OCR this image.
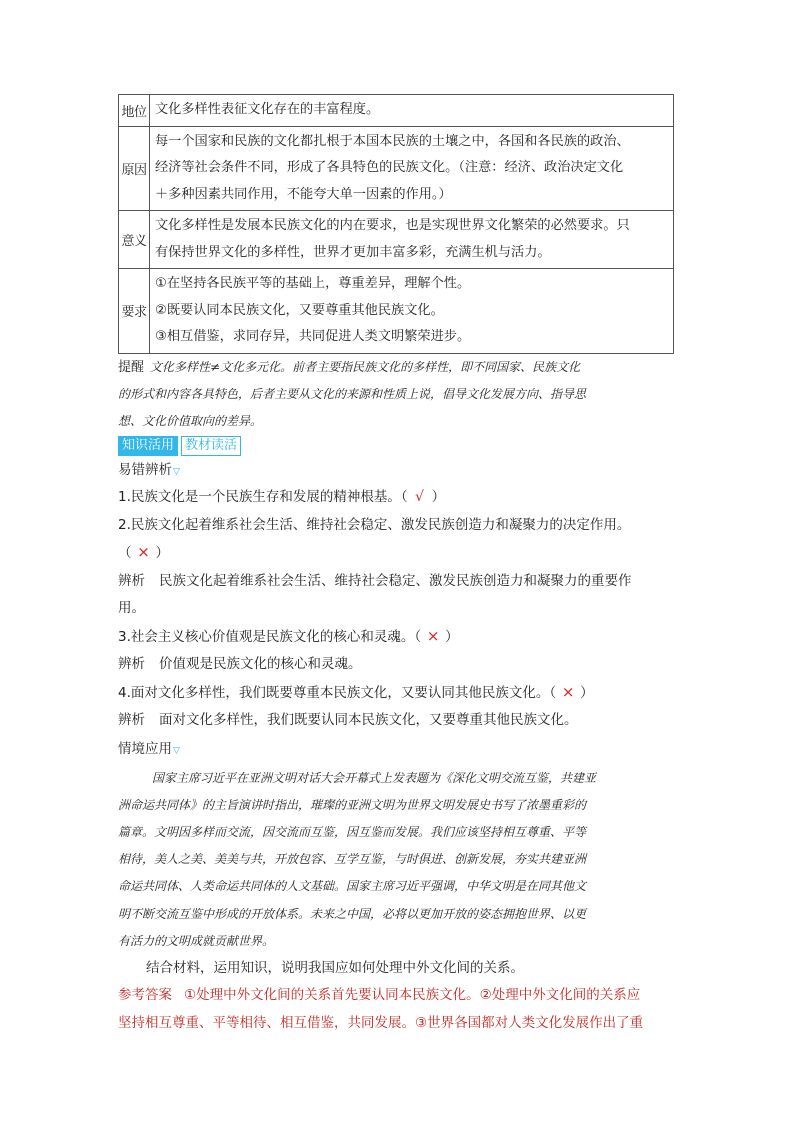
地位	文化多样性表征文化存在的丰富程度。

原因	每一个国家和民族的文化都扎根于本国本民族的土壤之中，各国和各民族的政治、
经济等社会条件不同，形成了各具特色的民族文化。（注意：经济、政治决定文化
＋多种因素共同作用，不能夸大单一因素的作用。）

意义	文化多样性是发展本民族文化的内在要求，也是实现世界文化繁荣的必然要求。只
有保持世界文化的多样性，世界才更加丰富多彩，充满生机与活力。

要求	①在坚持各民族平等的基础上，尊重差异，理解个性。
②既要认同本民族文化，又要尊重其他民族文化。
③相互借鉴，求同存异，共同促进人类文明繁荣进步。
提醒 文化多样性≠文化多元化。前者主要指民族文化的多样性，即不同国家、民族文化
的形式和内容各具特色，后者主要从文化的来源和性质上说，倡导文化发展方向、指导思
想、文化价值取向的差异。
知识活用 教材读活
易错辨析▽
1.民族文化是一个民族生存和发展的精神根基。（ √ ）
2.民族文化起着维系社会生活、维持社会稳定、激发民族创造力和凝聚力的决定作用。
（ × ）
辨析 民族文化起着维系社会生活、维持社会稳定、激发民族创造力和凝聚力的重要作
用。
3.社会主义核心价值观是民族文化的核心和灵魂。（ × ）
辨析 价值观是民族文化的核心和灵魂。
4.面对文化多样性，我们既要尊重本民族文化，又要认同其他民族文化。（ × ）
辨析 面对文化多样性，我们既要认同本民族文化，又要尊重其他民族文化。
情境应用▽
国家主席习近平在亚洲文明对话大会开幕式上发表题为《深化文明交流互鉴，共建亚
洲命运共同体》的主旨演讲时指出，璀璨的亚洲文明为世界文明发展史书写了浓墨重彩的
篇章。文明因多样而交流，因交流而互鉴，因互鉴而发展。我们应该坚持相互尊重、平等
相待，美人之美、美美与共，开放包容、互学互鉴，与时俱进、创新发展，夯实共建亚洲
命运共同体、人类命运共同体的人文基础。国家主席习近平强调，中华文明是在同其他文
明不断交流互鉴中形成的开放体系。未来之中国，必将以更加开放的姿态拥抱世界、以更
有活力的文明成就贡献世界。
结合材料，运用知识，说明我国应如何处理中外文化间的关系。
参考答案 ①处理中外文化间的关系首先要认同本民族文化。②处理中外文化间的关系应
坚持相互尊重、平等相待、相互借鉴，共同发展。③世界各国都对人类文化发展作出了重
